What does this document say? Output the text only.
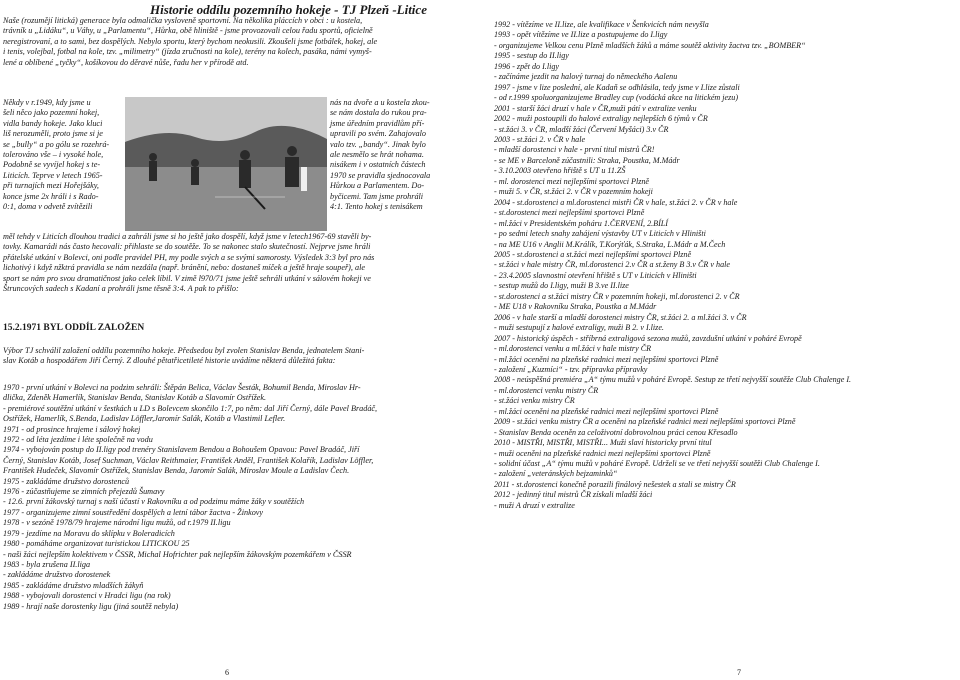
Historie oddílu pozemního hokeje - TJ Plzeň -Litice

Naše (rozumějí litická) generace byla odmalička vysloveně sportovní. Na několika pláccích v obci : u kostela,

trávník u „Lidáku“, u Váhy, u „Parlamentu“, Hůrka, obě hliniště - jsme provozovali celou řadu sportů, oficielně

neregistrovaní, a to sami, bez dospělých. Nebylo sportu, který bychom neokusili. Zkoušeli jsme fotbálek, hokej, ale

i tenis, volejbal, fotbal na kole, tzv. „milimetry“ (jízda zručnosti na kole), terény na kolech, pasáka, námi vymyš-

lené a oblíbené „tyčky“, košíkovou do děravé nůše, řadu her v přírodě atd.

Někdy v r.1949, kdy jsme u

šeli něco jako pozemní hokej,

vidla bandy hokeje. Jako kluci

liš nerozuměli, proto jsme si je

se „bully“ a po gólu se rozehrá-

tolerováno vše – i vysoké hole,

Podobně se vyvíjel hokej s te-

Liticích. Teprve v letech 1965-

při turnajích mezi Hořejšáky,

konce jsme 2x hráli i s Rado-

0:1, doma v odvetě zvítězili

nás na dvoře a u kostela zkou-

se nám dostala do rukou pra-

jsme úředním pravidlům pří-

upravili po svém. Zahajovalo

valo tzv. „bandy“. Jinak bylo

ale nesmělo se hrát nohama.

nisákem i v ostatních částech

1970 se pravidla sjednocovala

Hůrkou a Parlamentem. Do-

byčicemi. Tam jsme prohráli

4:1. Tento hokej s tenisákem

měl tehdy v Liticích dlouhou tradici a zahráli jsme si ho ještě jako dospělí, když jsme v letech1967-69 stavěli by-

tovky. Kamarádi nás často hecovali: přihlaste se do soutěže. To se nakonec stalo skutečností. Nejprve jsme hráli

přátelské utkání v Bolevci, oni podle pravidel PH, my podle svých a se svými samorosty. Výsledek 3:3 byl pro nás

lichotivý i když nžktrá pravidla se nám nezdála (např. bránění, nebo: dostaneš míček a ještě hraje soupeř), ale

sport se nám pro svou dramatičnost jako celek líbil. V zimě l970/71 jsme ještě sehráli utkání v sálovém hokeji ve

Štruncových sadech s Kadaní a prohráli jsme těsně 3:4. A pak to přišlo:

15.2.1971 BYL ODDÍL ZALOŽEN

Výbor TJ schválil založení oddílu pozemního hokeje. Předsedou byl zvolen Stanislav Benda, jednatelem Stani-

slav Kotáb a hospodářem Jiří Černý. Z dlouhé pětatřicetileté historie uvádíme některá důležitá fakta:

1970 - první utkání v Bolevci na podzim sehráli: Štěpán Belica, Václav Šesták, Bohumil Benda, Miroslav Hr-

dlička, Zdeněk Hamerlík, Stanislav Benda, Stanislav Kotáb a Slavomír Ostřížek.

- premiérové soutěžní utkání v šestkách u LD s Bolevcem skončilo 1:7, po něm: dal Jiří Černý, dále Pavel Bradáč,

Ostřížek, Hamerlík, S.Benda, Ladislav Löffler,Jaromír Salák, Kotáb a Vlastimil Lefler.

1971 - od prosince hrajeme i sálový hokej

1972 - od léta jezdíme i léte společně na vodu

1974 - vybojován postup do II.ligy pod trenéry Stanislavem Bendou a Bohoušem Opavou: Pavel Bradáč, Jiří

Černý, Stanislav Kotáb, Josef Suchman, Václav Reithmaier, František Anděl, František Kolařík, Ladislav Löffler,

František Hudeček, Slavomír Ostřížek, Stanislav Benda, Jaromír Salák, Miroslav Moule a Ladislav Čech.

1975 - zakládáme družstvo dorostenců

1976 - zúčastňujeme se zimních přejezdů Šumavy

- 12.6. první žákovský turnaj s naší účastí v Rakovníku a od podzimu máme žáky v soutěžích

1977 - organizujeme zimní soustředění dospělých a letní tábor žactva - Žinkovy

1978 - v sezóně 1978/79 hrajeme národní ligu mužů, od r.1979 II.ligu

1979 - jezdíme na Moravu do sklípku v Boleradicích

1980 - pomáháme organizovat turistickou LITICKOU 25

- naši žáci nejlepším kolektivem v ČSSR, Michal Hofrichter pak nejlepším žákovským pozemkářem v ČSSR

1983 - byla zrušena II.liga

- zakládáme družstvo dorostenek

1985 - zakládáme družstvo mladších žákyň

1988 - vybojovali dorostenci v Hradci ligu (na rok)

1989 - hrají naše dorostenky ligu (jiná soutěž nebyla)

6

1992 - vítězíme ve II.lize, ale kvalifikace v Šenkvicích nám nevyšla

1993 - opět vítězíme ve II.lize a postupujeme do I.ligy

- organizujeme Velkou cenu Plzně mladších žáků a máme soutěž aktivity žactva tzv. „BOMBER“

1995 - sestup do II.ligy

1996 - zpět do I.ligy

- začínáme jezdit na halový turnaj do německého Aalenu

1997 - jsme v lize poslední, ale Kadaň se odhlásila, tedy jsme v I.lize zůstali

- od r.1999 spoluorganizujeme Bradley cup (vodácká akce na litickém jezu)

2001 - starší žáci druzí v hale v ČR,muži pátí v extralize venku

2002 - muži postoupili do halové extraligy nejlepších 6 týmů v ČR

- st.žáci 3. v ČR, mladší žáci (Červení Myšáci) 3.v ČR

2003 - st.žáci 2. v ČR v hale

- mladší dorostenci v hale - první titul mistrů ČR!

- se ME v Barceloně zúčastnili: Straka, Poustka, M.Mádr

- 3.10.2003 otevřeno hřiště s UT u 11.ZŠ

- ml. dorostenci mezi nejlepšími sportovci Plzně

- muži 5. v ČR, st.žáci 2. v ČR v pozemním hokeji

2004 - st.dorostenci a ml.dorostenci mistři ČR v hale, st.žáci 2. v ČR v hale

- st.dorostenci mezi nejlepšími sportovci Plzně

- ml.žáci v Presidentském poháru 1.ČERVENÍ, 2.BÍLÍ

- po sedmi letech snahy zahájení výstavby UT v Liticích v Hliništi

- na ME U16 v Anglii M.Králík, T.Korýťák, S.Straka, L.Mádr a M.Čech

2005 - st.dorostenci a st.žáci mezi nejlepšími sportovci Plzně

- st.žáci v hale mistry ČR, ml.dorostenci 2.v ČR a st.ženy B 3.v ČR v hale

- 23.4.2005 slavnostní otevření hřiště s UT v Liticích v Hliništi

- sestup mužů do I.ligy, muži B 3.ve II.lize

- st.dorostenci a st.žáci mistry ČR v pozemním hokeji, ml.dorostenci 2. v ČR

- ME U18 v Rakovníku Straka, Poustka a M.Mádr

2006 - v hale starší a mladší dorostenci mistry ČR, st.žáci 2. a ml.žáci 3. v ČR

- muži sestupují z halové extraligy, muži B 2. v I.lize.

2007 - historický úspěch - stříbrná extraligová sezona mužů, zavzdušní utkání v poháré Evropě

- ml.dorostenci venku a ml.žáci v hale mistry ČR

- ml.žáci oceněni na plzeňské radnici mezi nejlepšími sportovci Plzně

- založení „Kuzmíci“ - tzv. přípravka přípravky

2008 - neúspěšná premiéra „A“ týmu mužů v poháré Evropě. Sestup ze třetí nejvyšší soutěže Club Chalenge I.

- ml.dorostenci venku mistry ČR

- st.žáci venku mistry ČR

- ml.žáci oceněni na plzeňské radnici mezi nejlepšími sportovci Plzně

2009 - st.žáci venku mistry ČR a oceněni na plzeňské radnici mezi nejlepšími sportovci Plzně

- Stanislav Benda oceněn za celoživotní dobrovolnou práci cenou Křesadlo

2010 - MISTŘI, MISTŘI, MISTŘI... Muži slaví historicky první titul

- muži oceněni na plzeňské radnici mezi nejlepšími sportovci Plzně

- solidní účast „A“ týmu mužů v poháré Evropě. Udrželi se ve třetí nejvyšší soutěži Club Chalenge I.

- založení „veteránských bejzaminků“

2011 - st.dorostenci konečně porazili finálový nešestek a stali se mistry ČR

2012 - jedinný titul mistrů ČR získali mladší žáci

- muži A druzí v extralize

7
